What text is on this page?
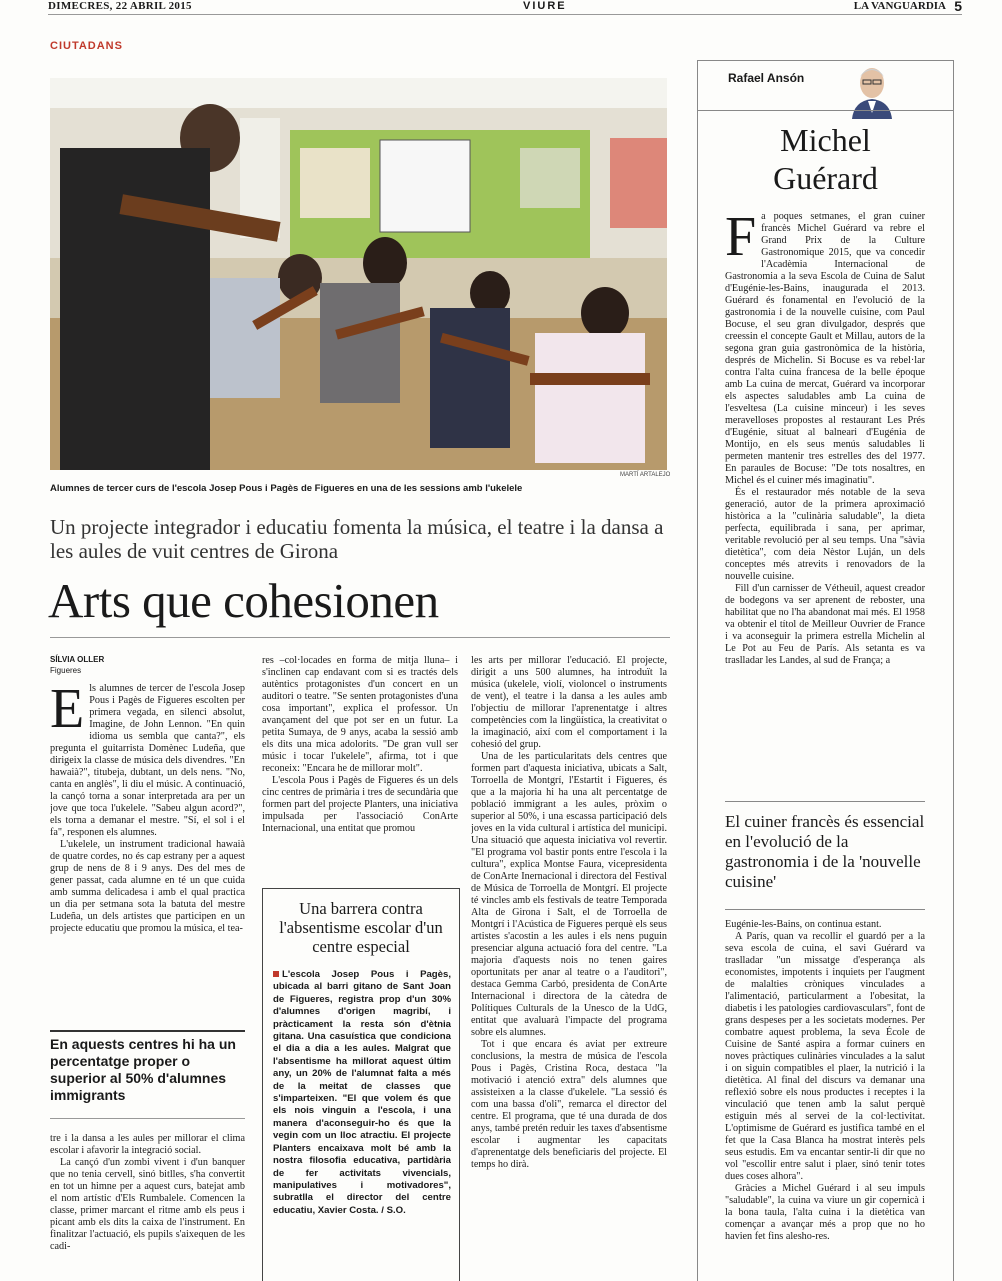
DIMECRES, 22 ABRIL 2015	VIURE	LA VANGUARDIA 5
CIUTADANS
MARTÍ ARTALEJO
Alumnes de tercer curs de l'escola Josep Pous i Pagès de Figueres en una de les sessions amb l'ukelele
Un projecte integrador i educatiu fomenta la música, el teatre i la dansa a les aules de vuit centres de Girona
Arts que cohesionen
SÍLVIA OLLER
Figueres
E ls alumnes de tercer de l'escola Josep Pous i Pagès de Figueres escolten per primera vegada, en silenci absolut, Imagine, de John Lennon. "En quin idioma us sembla que canta?", els pregunta el guitarrista Domènec Ludeña, que dirigeix la classe de música dels divendres. "En hawaià?", titubeja, dubtant, un dels nens. "No, canta en anglès", li diu el músic. A continuació, la cançó torna a sonar interpretada ara per un jove que toca l'ukelele. "Sabeu algun acord?", els torna a demanar el mestre. "Sí, el sol i el fa", responen els alumnes.

L'ukelele, un instrument tradicional hawaià de quatre cordes, no és cap estrany per a aquest grup de nens de 8 i 9 anys. Des del mes de gener passat, cada alumne en té un que cuida amb summa delicadesa i amb el qual practica un dia per setmana sota la batuta del mestre Ludeña, un dels artistes que participen en un projecte educatiu que promou la música, el tea-

En aquests centres hi ha un percentatge proper o superior al 50% d'alumnes immigrants

tre i la dansa a les aules per millorar el clima escolar i afavorir la integració social.

La cançó d'un zombi vivent i d'un banquer que no tenia cervell, sinó bitlles, s'ha convertit en tot un himne per a aquest curs, batejat amb el nom artístic d'Els Rumbalele. Comencen la classe, primer marcant el ritme amb els peus i picant amb els dits la caixa de l'instrument. En finalitzar l'actuació, els pupils s'aixequen de les cadi-

res –col·locades en forma de mitja lluna– i s'inclinen cap endavant com si es tractés dels autèntics protagonistes d'un concert en un auditori o teatre. "Se senten protagonistes d'una cosa important", explica el professor. Un avançament del que pot ser en un futur. La petita Sumaya, de 9 anys, acaba la sessió amb els dits una mica adolorits. "De gran vull ser músic i tocar l'ukelele", afirma, tot i que reconeix: "Encara he de millorar molt".

L'escola Pous i Pagès de Figueres és un dels cinc centres de primària i tres de secundària que formen part del projecte Planters, una iniciativa impulsada per l'associació ConArte Internacional, una entitat que promou

Una barrera contra l'absentisme escolar d'un centre especial
L'escola Josep Pous i Pagès, ubicada al barri gitano de Sant Joan de Figueres, registra prop d'un 30% d'alumnes d'origen magribí, i pràcticament la resta són d'ètnia gitana. Una casuística que condiciona el dia a dia a les aules. Malgrat que l'absentisme ha millorat aquest últim any, un 20% de l'alumnat falta a més de la meitat de classes que s'imparteixen. "El que volem és que els nois vinguin a l'escola, i una manera d'aconseguir-ho és que la vegin com un lloc atractiu. El projecte Planters encaixava molt bé amb la nostra filosofia educativa, partidària de fer activitats vivencials, manipulatives i motivadores", subratlla el director del centre educatiu, Xavier Costa. / S.O.

les arts per millorar l'educació. El projecte, dirigit a uns 500 alumnes, ha introduït la música (ukelele, violí, violoncel o instruments de vent), el teatre i la dansa a les aules amb l'objectiu de millorar l'aprenentatge i altres competències com la lingüística, la creativitat o la imaginació, així com el comportament i la cohesió del grup.

Una de les particularitats dels centres que formen part d'aquesta iniciativa, ubicats a Salt, Torroella de Montgrí, l'Estartit i Figueres, és que a la majoria hi ha una alt percentatge de població immigrant a les aules, pròxim o superior al 50%, i una escassa participació dels joves en la vida cultural i artística del municipi. Una situació que aquesta iniciativa vol revertir. "El programa vol bastir ponts entre l'escola i la cultura", explica Montse Faura, vicepresidenta de ConArte Inernacional i directora del Festival de Música de Torroella de Montgrí. El projecte té vincles amb els festivals de teatre Temporada Alta de Girona i Salt, el de Torroella de Montgrí i l'Acústica de Figueres perquè els seus artistes s'acostin a les aules i els nens puguin presenciar alguna actuació fora del centre. "La majoria d'aquests nois no tenen gaires oportunitats per anar al teatre o a l'auditori", destaca Gemma Carbó, presidenta de ConArte Internacional i directora de la càtedra de Polítiques Culturals de la Unesco de la UdG, entitat que avaluarà l'impacte del programa sobre els alumnes.

Tot i que encara és aviat per extreure conclusions, la mestra de música de l'escola Pous i Pagès, Cristina Roca, destaca "la motivació i atenció extra" dels alumnes que assisteixen a la classe d'ukelele. "La sessió és com una bassa d'oli", remarca el director del centre. El programa, que té una durada de dos anys, també pretén reduir les taxes d'absentisme escolar i augmentar les capacitats d'aprenentatge dels beneficiaris del projecte. El temps ho dirà.

Rafael Ansón
Michel
Guérard
F a poques setmanes, el gran cuiner francès Michel Guérard va rebre el Grand Prix de la Culture Gastronomique 2015, que va concedir l'Acadèmia Internacional de Gastronomia a la seva Escola de Cuina de Salut d'Eugénie-les-Bains, inaugurada el 2013. Guérard és fonamental en l'evolució de la gastronomia i de la nouvelle cuisine, com Paul Bocuse, el seu gran divulgador, després que creessin el concepte Gault et Millau, autors de la segona gran guia gastronòmica de la història, després de Michelin. Si Bocuse es va rebel·lar contra l'alta cuina francesa de la belle époque amb La cuina de mercat, Guérard va incorporar els aspectes saludables amb La cuina de l'esveltesa (La cuisine minceur) i les seves meravelloses propostes al restaurant Les Prés d'Eugénie, situat al balneari d'Eugénia de Montijo, en els seus menús saludables li permeten mantenir tres estrelles des del 1977. En paraules de Bocuse: "De tots nosaltres, en Michel és el cuiner més imaginatiu".

És el restaurador més notable de la seva generació, autor de la primera aproximació històrica a la "culinària saludable", la dieta perfecta, equilibrada i sana, per aprimar, veritable revolució per al seu temps. Una "sàvia dietètica", com deia Nèstor Luján, un dels conceptes més atrevits i renovadors de la nouvelle cuisine.

Fill d'un carnisser de Vétheuil, aquest creador de bodegons va ser aprenent de reboster, una habilitat que no l'ha abandonat mai més. El 1958 va obtenir el títol de Meilleur Ouvrier de France i va aconseguir la primera estrella Michelin al Le Pot au Feu de París. Als setanta es va traslladar les Landes, al sud de França; a

El cuiner francès és essencial en l'evolució de la gastronomia i de la 'nouvelle cuisine'

Eugénie-les-Bains, on continua estant.

A París, quan va recollir el guardó per a la seva escola de cuina, el savi Guérard va traslladar "un missatge d'esperança als economistes, impotents i inquiets per l'augment de malalties cròniques vinculades a l'alimentació, particularment a l'obesitat, la diabetis i les patologies cardiovasculars", font de grans despeses per a les societats modernes. Per combatre aquest problema, la seva École de Cuisine de Santé aspira a formar cuiners en noves pràctiques culinàries vinculades a la salut i on siguin compatibles el plaer, la nutrició i la dietètica. Al final del discurs va demanar una reflexió sobre els nous productes i receptes i la vinculació que tenen amb la salut perquè estiguin més al servei de la col·lectivitat. L'optimisme de Guérard es justifica també en el fet que la Casa Blanca ha mostrat interès pels seus estudis. Em va encantar sentir-li dir que no vol "escollir entre salut i plaer, sinó tenir totes dues coses alhora".

Gràcies a Michel Guérard i al seu impuls "saludable", la cuina va viure un gir copernicà i la bona taula, l'alta cuina i la dietètica van començar a avançar més a prop que no ho havien fet fins alesho-res.
